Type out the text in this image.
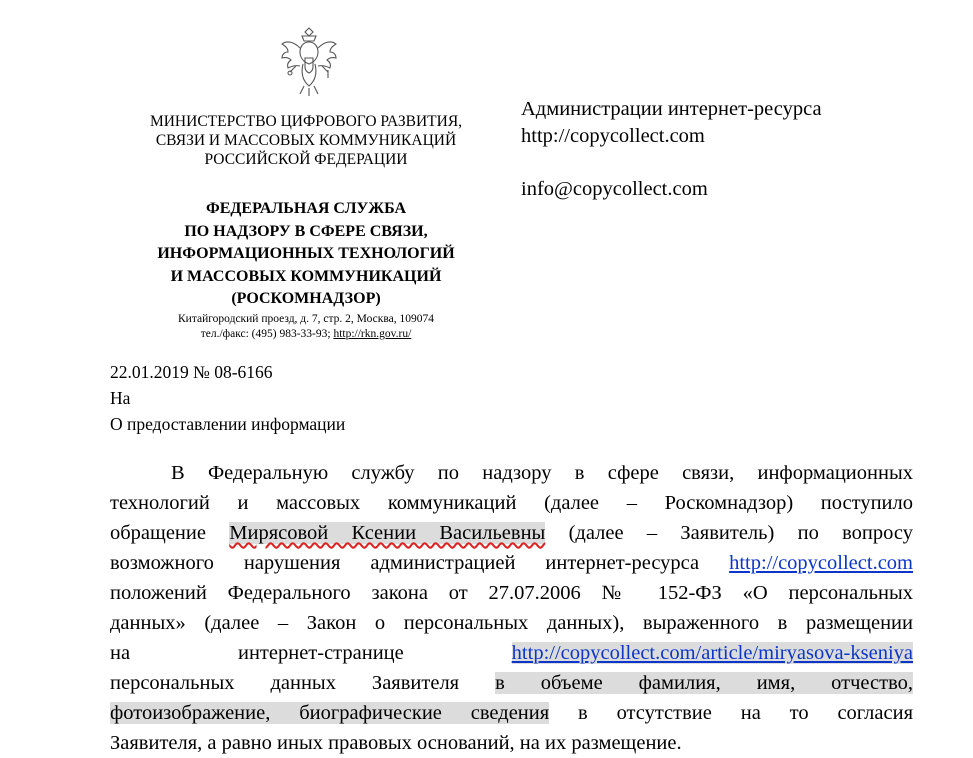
МИНИСТЕРСТВО ЦИФРОВОГО РАЗВИТИЯ,
СВЯЗИ И МАССОВЫХ КОММУНИКАЦИЙ
РОССИЙСКОЙ ФЕДЕРАЦИИ
ФЕДЕРАЛЬНАЯ СЛУЖБА
ПО НАДЗОРУ В СФЕРЕ СВЯЗИ,
ИНФОРМАЦИОННЫХ ТЕХНОЛОГИЙ
И МАССОВЫХ КОММУНИКАЦИЙ
(РОСКОМНАДЗОР)
Китайгородский проезд, д. 7, стр. 2, Москва, 109074
тел./факс: (495) 983-33-93; http://rkn.gov.ru/
Администрации интернет-ресурса
http://copycollect.com
info@copycollect.com
22.01.2019 № 08-6166
На
О предоставлении информации
В Федеральную службу по надзору в сфере связи, информационных
технологий и массовых коммуникаций (далее – Роскомнадзор) поступило
обращение Мирясовой Ксении Васильевны (далее – Заявитель) по вопросу
возможного нарушения администрацией интернет-ресурса http://copycollect.com
положений Федерального закона от 27.07.2006 № 152-ФЗ «О персональных
данных» (далее – Закон о персональных данных), выраженного в размещении
на интернет-странице http://copycollect.com/article/miryasova-kseniya
персональных данных Заявителя в объеме фамилия, имя, отчество,
фотоизображение, биографические сведения в отсутствие на то согласия
Заявителя, а равно иных правовых оснований, на их размещение.
